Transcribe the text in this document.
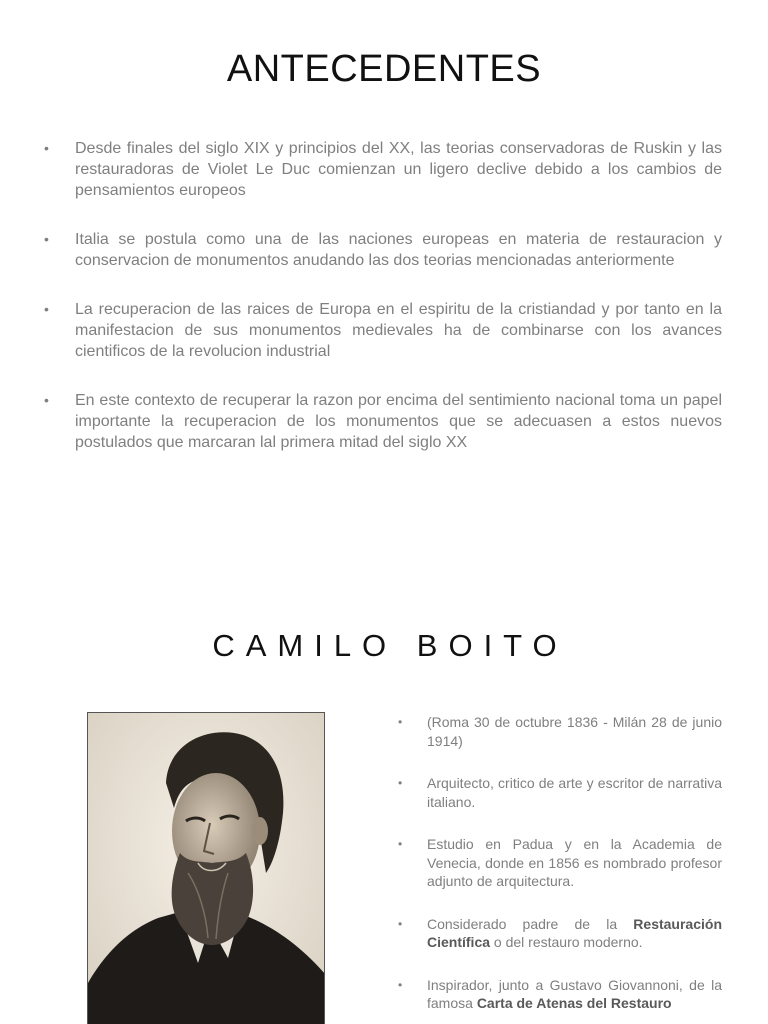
ANTECEDENTES
• Desde finales del siglo XIX y principios del XX, las teorias conservadoras de Ruskin y las restauradoras de Violet Le Duc comienzan un ligero declive debido a los cambios de pensamientos europeos
• Italia se postula como una de las naciones europeas en materia de restauracion y conservacion de monumentos anudando las dos teorias mencionadas anteriormente
• La recuperacion de las raices de Europa en el espiritu de la cristiandad y por tanto en la manifestacion de sus monumentos medievales ha de combinarse con los avances cientificos de la revolucion industrial
• En este contexto de recuperar la razon por encima del sentimiento nacional toma un papel importante la recuperacion de los monumentos que se adecuasen a estos nuevos postulados que marcaran lal primera mitad del siglo XX
CAMILO BOITO
• (Roma 30 de octubre 1836 - Milán 28 de junio 1914)
• Arquitecto, critico de arte y escritor de narrativa italiano.
• Estudio en Padua y en la Academia de Venecia, donde en 1856 es nombrado profesor adjunto de arquitectura.
• Considerado padre de la Restauración Científica o del restauro moderno.
• Inspirador, junto a Gustavo Giovannoni, de la famosa Carta de Atenas del Restauro
